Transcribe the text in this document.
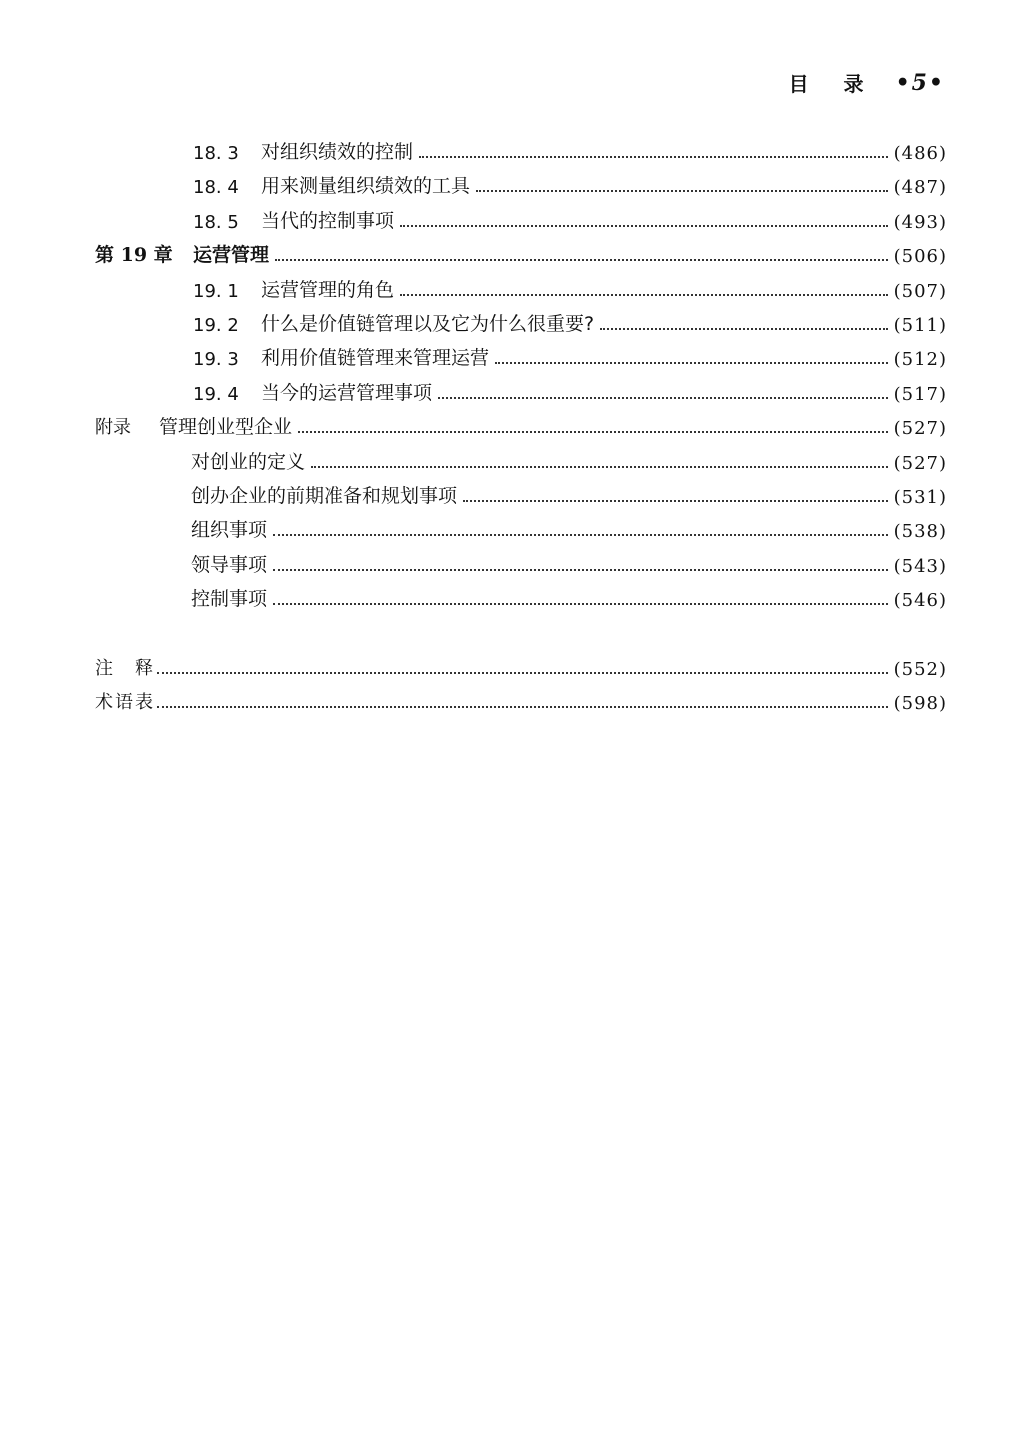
目 录 •5•
18. 3	对组织绩效的控制	(486)
18. 4	用来测量组织绩效的工具	(487)
18. 5	当代的控制事项	(493)
第 19 章	运营管理	(506)
19. 1	运营管理的角色	(507)
19. 2	什么是价值链管理以及它为什么很重要?	(511)
19. 3	利用价值链管理来管理运营	(512)
19. 4	当今的运营管理事项	(517)
附录	管理创业型企业	(527)
对创业的定义	(527)
创办企业的前期准备和规划事项	(531)
组织事项	(538)
领导事项	(543)
控制事项	(546)
注　释	(552)
术语表	(598)
